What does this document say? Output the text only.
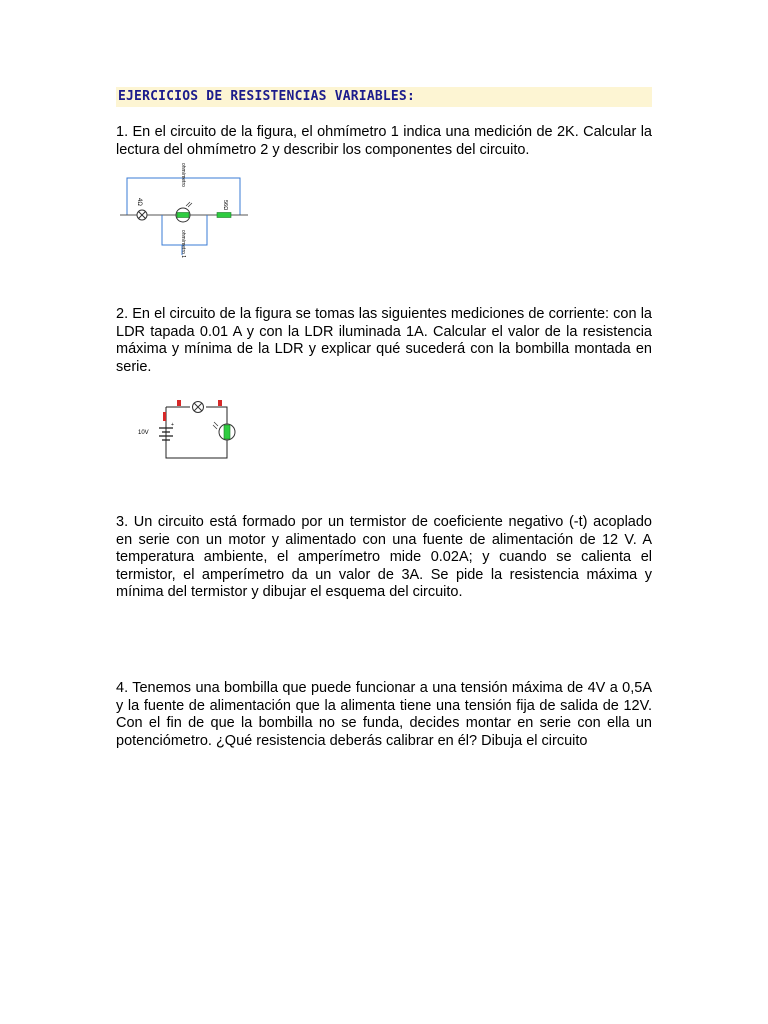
EJERCICIOS DE RESISTENCIAS VARIABLES:

1. En el circuito de la figura, el ohmímetro 1 indica una medición de 2K. Calcular la lectura del ohmímetro 2 y describir los componentes del circuito.

4Ω	56Ω
ohmímetro
ohmímetro 1

2. En el circuito de la figura se tomas las siguientes mediciones de corriente: con la LDR tapada 0.01 A y con la LDR iluminada 1A. Calcular el valor de la resistencia máxima y mínima de la LDR y explicar qué sucederá con la bombilla montada en serie.

+
10V

3. Un circuito está formado por un termistor de coeficiente negativo (-t) acoplado en serie con un motor y alimentado con una fuente de alimentación de 12 V. A temperatura ambiente, el amperímetro mide 0.02A; y cuando se calienta el termistor, el amperímetro da un valor de 3A. Se pide la resistencia máxima y mínima del termistor y dibujar el esquema del circuito.

4. Tenemos una bombilla que puede funcionar a una tensión máxima de 4V a 0,5A y la fuente de alimentación que la alimenta tiene una tensión fija de salida de 12V. Con el fin de que la bombilla no se funda, decides montar en serie con ella un potenciómetro. ¿Qué resistencia deberás calibrar en él? Dibuja el circuito
